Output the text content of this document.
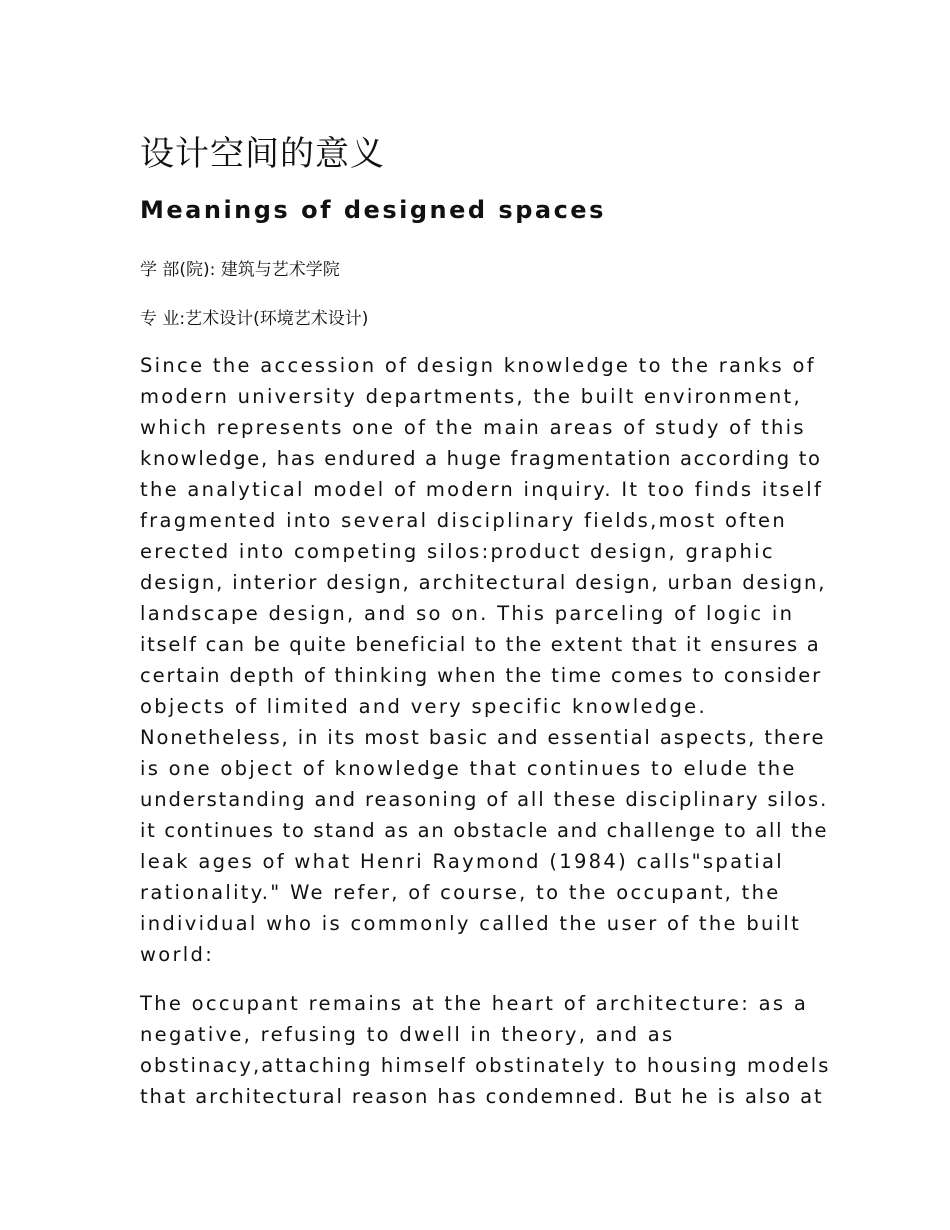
设计空间的意义
Meanings of designed spaces

学 部(院): 建筑与艺术学院

专 业:艺术设计(环境艺术设计)

Since the accession of design knowledge to the ranks of
modern university departments, the built environment,
which represents one of the main areas of study of this
knowledge, has endured a huge fragmentation according to
the analytical model of modern inquiry. It too finds itself
fragmented into several disciplinary fields,most often
erected into competing silos:product design, graphic
design, interior design, architectural design, urban design,
landscape design, and so on. This parceling of logic in
itself can be quite beneficial to the extent that it ensures a
certain depth of thinking when the time comes to consider
objects of limited and very specific knowledge.
Nonetheless, in its most basic and essential aspects, there
is one object of knowledge that continues to elude the
understanding and reasoning of all these disciplinary silos.
it continues to stand as an obstacle and challenge to all the
leak ages of what Henri Raymond (1984) calls"spatial
rationality." We refer, of course, to the occupant, the
individual who is commonly called the user of the built
world:
The occupant remains at the heart of architecture: as a
negative, refusing to dwell in theory, and as
obstinacy,attaching himself obstinately to housing models
that architectural reason has condemned. But he is also at
